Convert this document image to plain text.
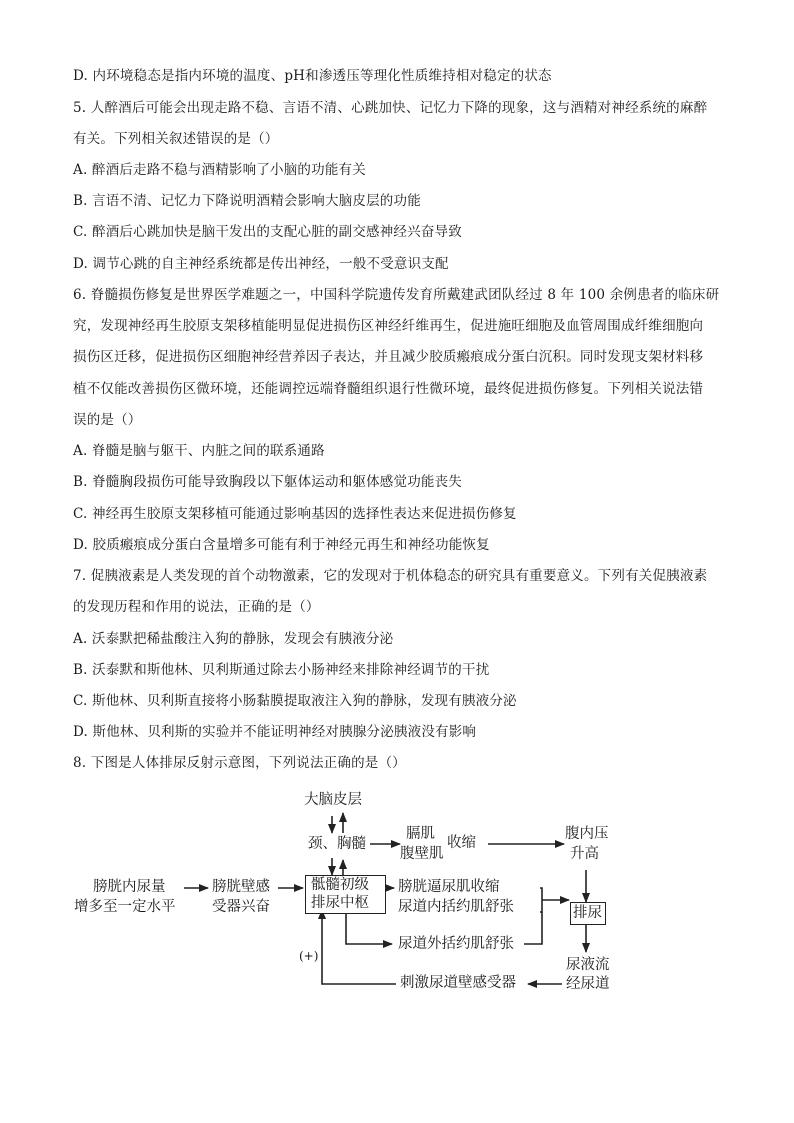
D. 内环境稳态是指内环境的温度、pH和渗透压等理化性质维持相对稳定的状态
5. 人醉酒后可能会出现走路不稳、言语不清、心跳加快、记忆力下降的现象，这与酒精对神经系统的麻醉
有关。下列相关叙述错误的是（）
A. 醉酒后走路不稳与酒精影响了小脑的功能有关
B. 言语不清、记忆力下降说明酒精会影响大脑皮层的功能
C. 醉酒后心跳加快是脑干发出的支配心脏的副交感神经兴奋导致
D. 调节心跳的自主神经系统都是传出神经，一般不受意识支配
6. 脊髓损伤修复是世界医学难题之一，中国科学院遗传发育所戴建武团队经过 8 年 100 余例患者的临床研
究，发现神经再生胶原支架移植能明显促进损伤区神经纤维再生，促进施旺细胞及血管周围成纤维细胞向
损伤区迁移，促进损伤区细胞神经营养因子表达，并且减少胶质瘢痕成分蛋白沉积。同时发现支架材料移
植不仅能改善损伤区微环境，还能调控远端脊髓组织退行性微环境，最终促进损伤修复。下列相关说法错
误的是（）
A. 脊髓是脑与躯干、内脏之间的联系通路
B. 脊髓胸段损伤可能导致胸段以下躯体运动和躯体感觉功能丧失
C. 神经再生胶原支架移植可能通过影响基因的选择性表达来促进损伤修复
D. 胶质瘢痕成分蛋白含量增多可能有利于神经元再生和神经功能恢复
7. 促胰液素是人类发现的首个动物激素，它的发现对于机体稳态的研究具有重要意义。下列有关促胰液素
的发现历程和作用的说法，正确的是（）
A. 沃泰默把稀盐酸注入狗的静脉，发现会有胰液分泌
B. 沃泰默和斯他林、贝利斯通过除去小肠神经来排除神经调节的干扰
C. 斯他林、贝利斯直接将小肠黏膜提取液注入狗的静脉，发现有胰液分泌
D. 斯他林、贝利斯的实验并不能证明神经对胰腺分泌胰液没有影响
8. 下图是人体排尿反射示意图，下列说法正确的是（）
大脑皮层
颈、胸髓
膈肌
腹壁肌
收缩
腹内压
升高
膀胱内尿量
增多至一定水平
膀胱壁感
受器兴奋
骶髓初级
排尿中枢
膀胱逼尿肌收缩
尿道内括约肌舒张
尿道外括约肌舒张
排尿
尿液流
经尿道
刺激尿道壁感受器
(+)
